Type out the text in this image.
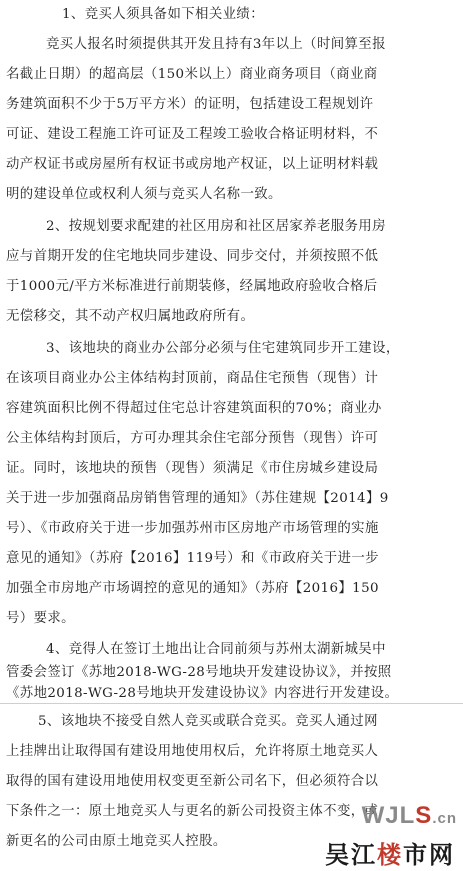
1、竞买人须具备如下相关业绩：
竞买人报名时须提供其开发且持有3年以上（时间算至报
名截止日期）的超高层（150米以上）商业商务项目（商业商
务建筑面积不少于5万平方米）的证明，包括建设工程规划许
可证、建设工程施工许可证及工程竣工验收合格证明材料，不
动产权证书或房屋所有权证书或房地产权证，以上证明材料载
明的建设单位或权利人须与竞买人名称一致。
2、按规划要求配建的社区用房和社区居家养老服务用房
应与首期开发的住宅地块同步建设、同步交付，并须按照不低
于1000元/平方米标准进行前期装修，经属地政府验收合格后
无偿移交，其不动产权归属地政府所有。
3、该地块的商业办公部分必须与住宅建筑同步开工建设，
在该项目商业办公主体结构封顶前，商品住宅预售（现售）计
容建筑面积比例不得超过住宅总计容建筑面积的70%；商业办
公主体结构封顶后，方可办理其余住宅部分预售（现售）许可
证。同时，该地块的预售（现售）须满足《市住房城乡建设局
关于进一步加强商品房销售管理的通知》（苏住建规【2014】9
号）、《市政府关于进一步加强苏州市区房地产市场管理的实施
意见的通知》（苏府【2016】119号）和《市政府关于进一步
加强全市房地产市场调控的意见的通知》（苏府【2016】150
号）要求。
4、竞得人在签订土地出让合同前须与苏州太湖新城吴中
管委会签订《苏地2018-WG-28号地块开发建设协议》，并按照
《苏地2018-WG-28号地块开发建设协议》内容进行开发建设。
5、该地块不接受自然人竞买或联合竞买。竞买人通过网
上挂牌出让取得国有建设用地使用权后，允许将原土地竞买人
取得的国有建设用地使用权变更至新公司名下，但必须符合以
下条件之一：原土地竞买人与更名的新公司投资主体不变，或
新更名的公司由原土地竞买人控股。
WJLS.cn
吴江楼市网
